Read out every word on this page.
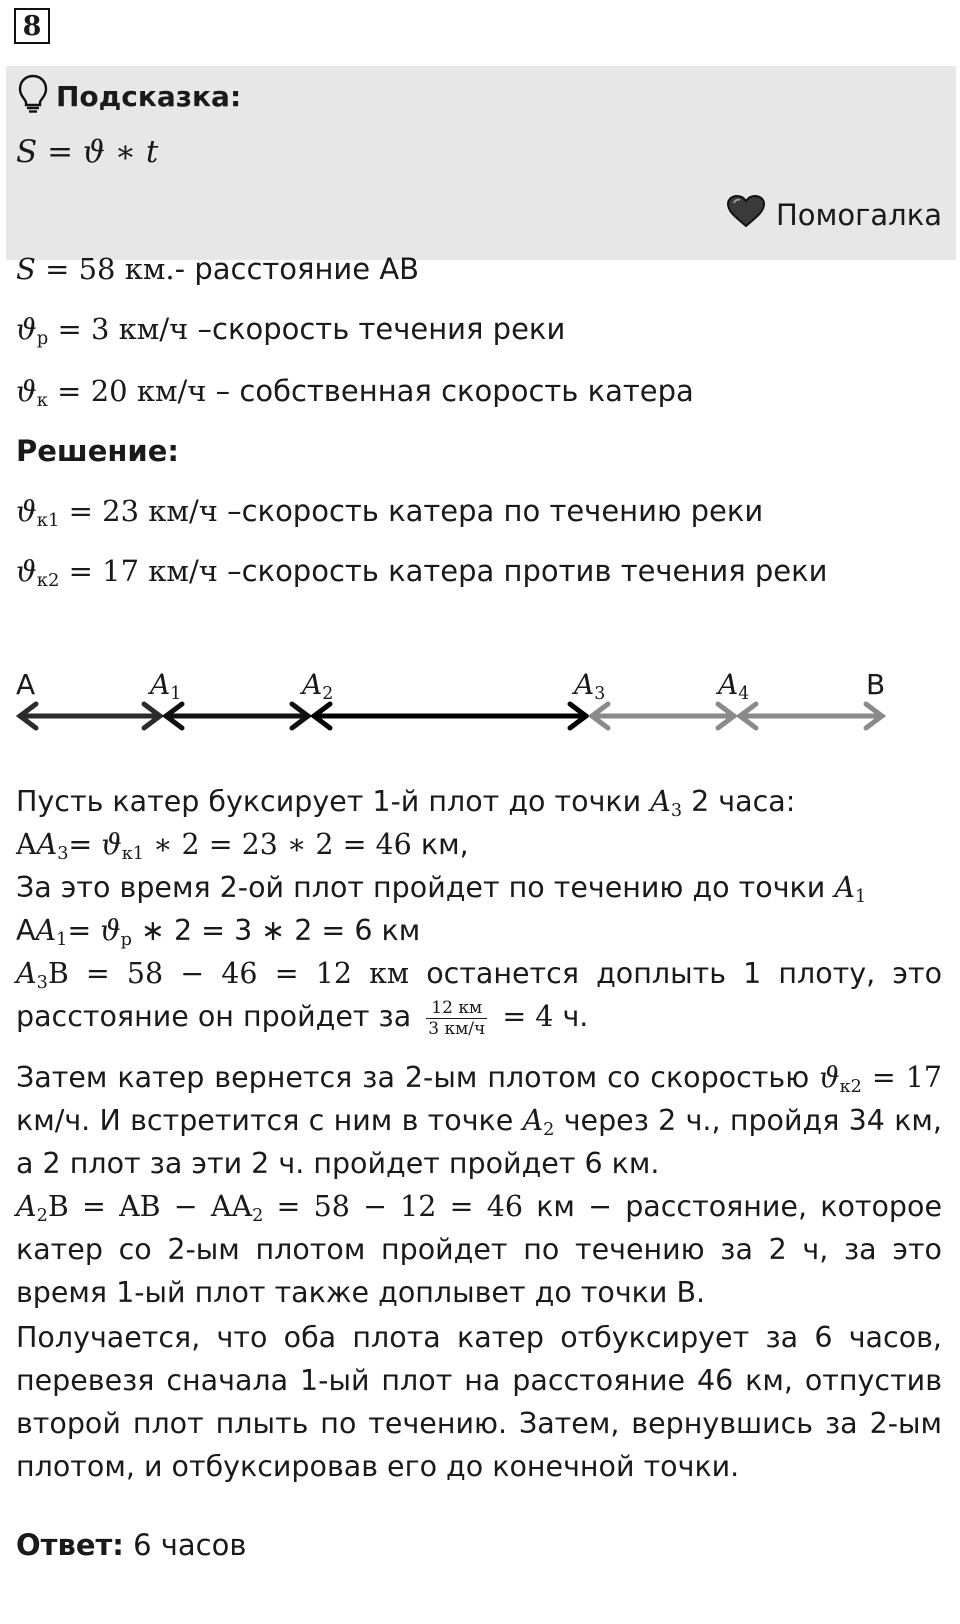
8
Подсказка:
S = ϑ ∗ t
Помогалка
S = 58 км.- расстояние АВ
$ϑ_р = 3$ км/ч –скорость течения реки
$ϑ_к = 20$ км/ч – собственная скорость катера
Решение:
$ϑ_{к1} = 23$ км/ч –скорость катера по течению реки
$ϑ_{к2} = 17$ км/ч –скорость катера против течения реки
А	$A_1$	$A_2$	$A_3$	$A_4$	В
Пусть катер буксирует 1-й плот до точки $A_3$ 2 часа:
$AA_3= ϑ_{к1}$ ∗ 2 = 23 ∗ 2 = 46 км,
За это время 2-ой плот пройдет по течению до точки $A_1$
$АA_1= ϑ_р$ ∗ 2 = 3 ∗ 2 = 6 км
$A_3B = 58 - 46 = 12$ км останется доплыть 1 плоту, это
расстояние он пройдет за $\frac{12 км}{3 км/ч} = 4$ ч.
Затем катер вернется за 2-ым плотом со скоростью $ϑ_{к2} = 17$
км/ч. И встретится с ним в точке $A_2$ через 2 ч., пройдя 34 км,
а 2 плот за эти 2 ч. пройдет пройдет 6 км.
$A_2B$ = AB − $AA_2 = 58 - 12 = 46$ км − расстояние, которое
катер со 2-ым плотом пройдет по течению за 2 ч, за это
время 1-ый плот также доплывет до точки В.
Получается, что оба плота катер отбуксирует за 6 часов,
перевезя сначала 1-ый плот на расстояние 46 км, отпустив
второй плот плыть по течению. Затем, вернувшись за 2-ым
плотом, и отбуксировав его до конечной точки.
Ответ: 6 часов
